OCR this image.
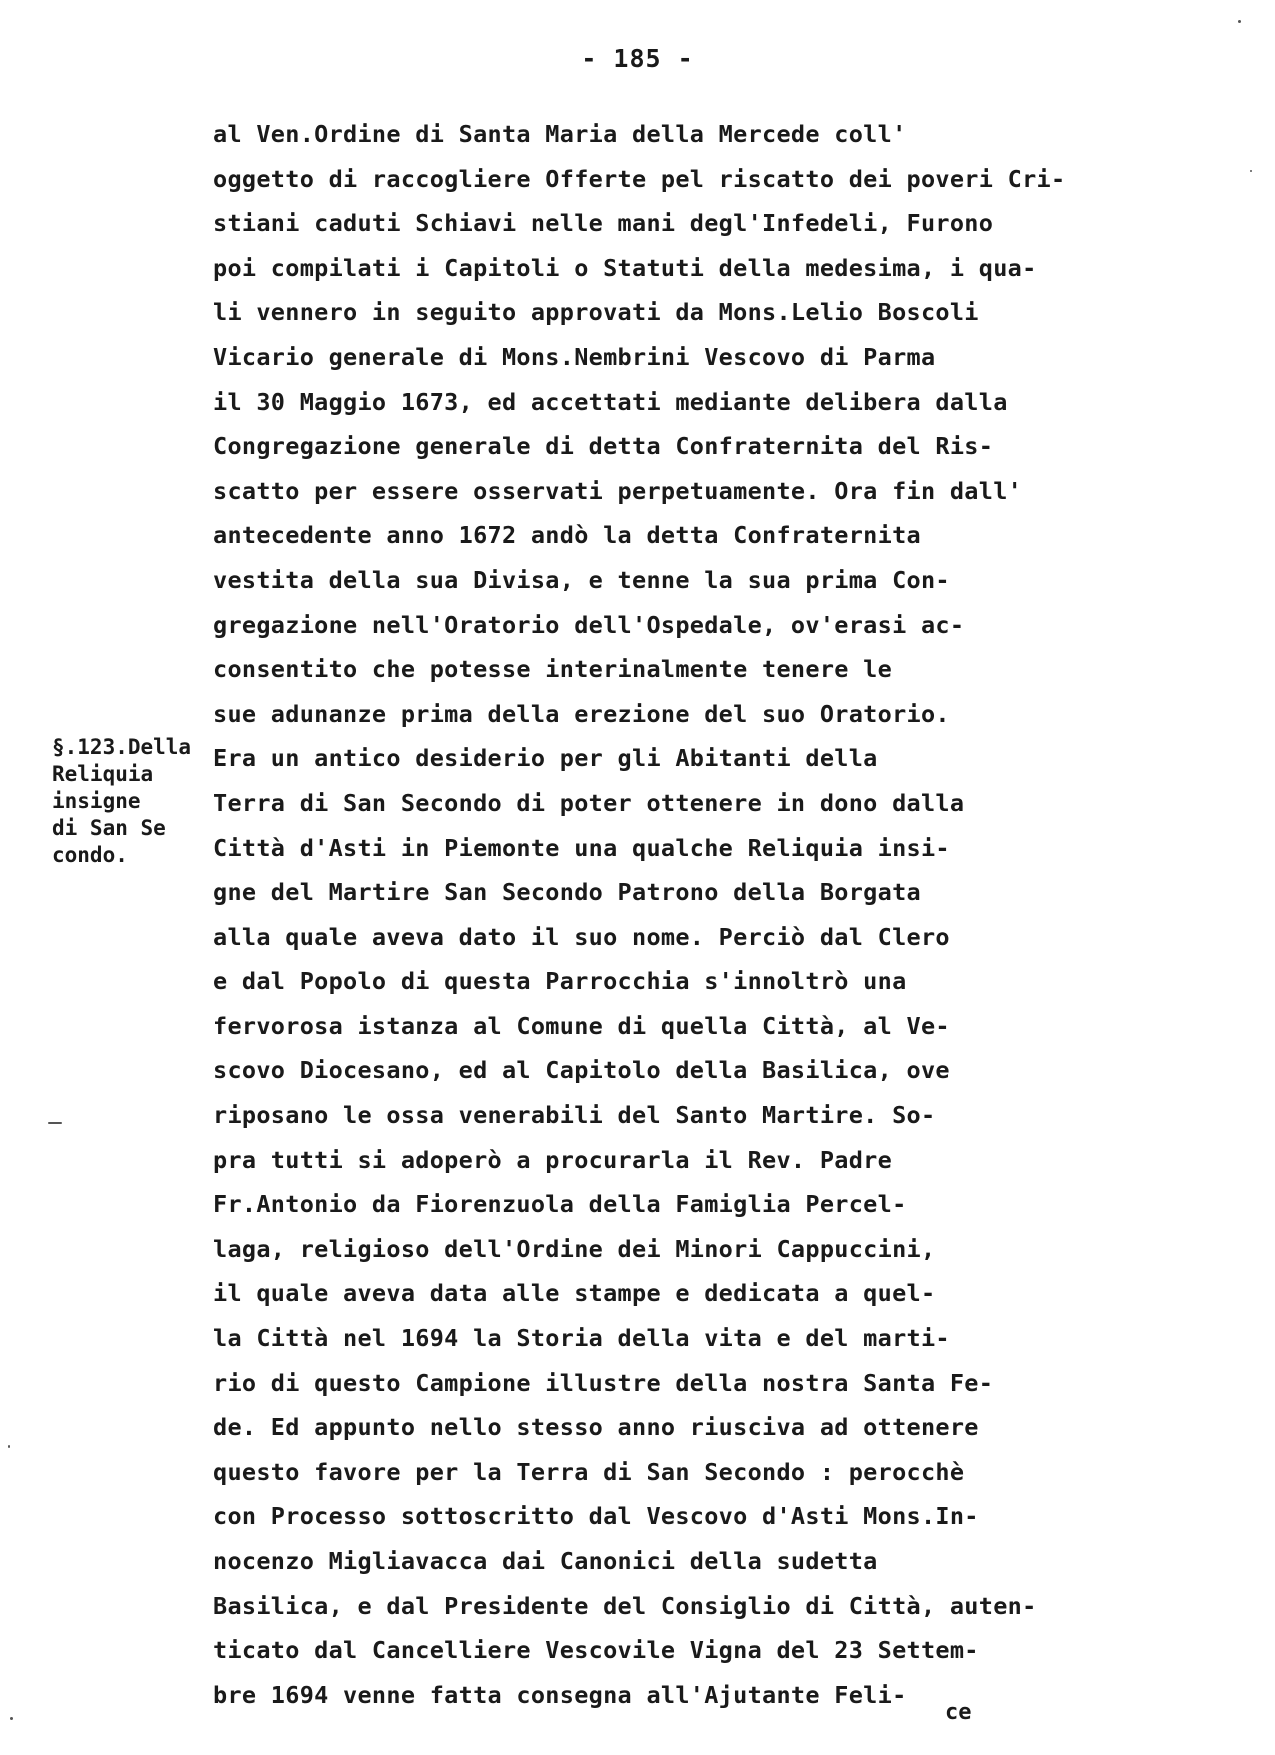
- 185 -
al Ven.Ordine di Santa Maria della Mercede coll'
oggetto di raccogliere Offerte pel riscatto dei poveri Cri-
stiani caduti Schiavi nelle mani degl'Infedeli, Furono
poi compilati i Capitoli o Statuti della medesima, i qua-
li vennero in seguito approvati da Mons.Lelio Boscoli
Vicario generale di Mons.Nembrini Vescovo di Parma
il 30 Maggio 1673, ed accettati mediante delibera dalla
Congregazione generale di detta Confraternita del Ris-
scatto per essere osservati perpetuamente. Ora fin dall'
antecedente anno 1672 andò la detta Confraternita
vestita della sua Divisa, e tenne la sua prima Con-
gregazione nell'Oratorio dell'Ospedale, ov'erasi ac-
consentito che potesse interinalmente tenere le
sue adunanze prima della erezione del suo Oratorio.
Era un antico desiderio per gli Abitanti della
Terra di San Secondo di poter ottenere in dono dalla
Città d'Asti in Piemonte una qualche Reliquia insi-
gne del Martire San Secondo Patrono della Borgata
alla quale aveva dato il suo nome. Perciò dal Clero
e dal Popolo di questa Parrocchia s'innoltrò una
fervorosa istanza al Comune di quella Città, al Ve-
scovo Diocesano, ed al Capitolo della Basilica, ove
riposano le ossa venerabili del Santo Martire. So-
pra tutti si adoperò a procurarla il Rev. Padre
Fr.Antonio da Fiorenzuola della Famiglia Percel-
laga, religioso dell'Ordine dei Minori Cappuccini,
il quale aveva data alle stampe e dedicata a quel-
la Città nel 1694 la Storia della vita e del marti-
rio di questo Campione illustre della nostra Santa Fe-
de. Ed appunto nello stesso anno riusciva ad ottenere
questo favore per la Terra di San Secondo : perocchè
con Processo sottoscritto dal Vescovo d'Asti Mons.In-
nocenzo Migliavacca dai Canonici della sudetta
Basilica, e dal Presidente del Consiglio di Città, auten-
ticato dal Cancelliere Vescovile Vigna del 23 Settem-
bre 1694 venne fatta consegna all'Ajutante Feli-
§.123.Della
Reliquia
insigne
di San Se
condo.
ce
